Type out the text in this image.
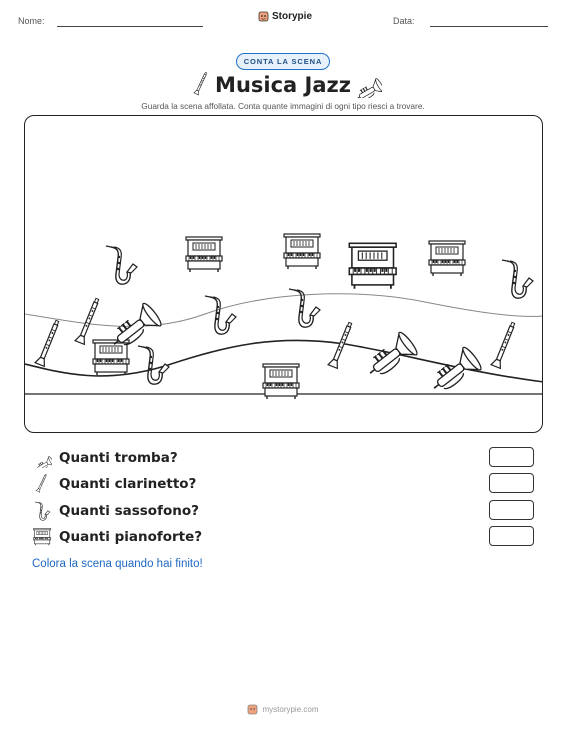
Nome:	Storypie	Data:
CONTA LA SCENA
Musica Jazz
Guarda la scena affollata. Conta quante immagini di ogni tipo riesci a trovare.
Quanti tromba?
Quanti clarinetto?
Quanti sassofono?
Quanti pianoforte?
Colora la scena quando hai finito!
mystorypie.com
